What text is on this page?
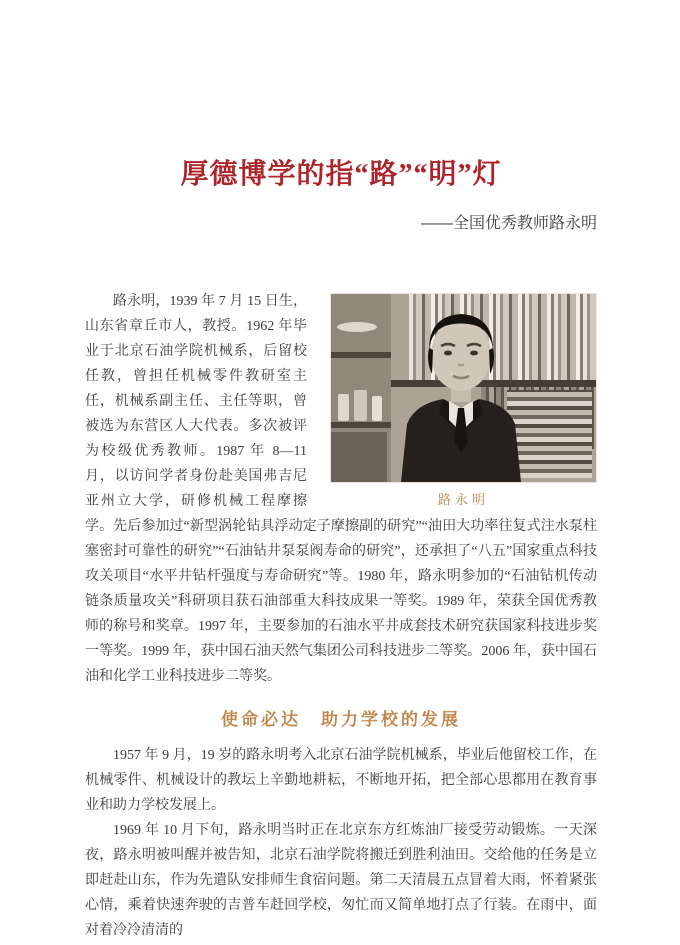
厚德博学的指“路”“明”灯
——全国优秀教师路永明
路永明

路永明，1939 年 7 月 15 日生，山东省章丘市人，教授。1962 年毕业于北京石油学院机械系，后留校任教，曾担任机械零件教研室主任，机械系副主任、主任等职，曾被选为东营区人大代表。多次被评为校级优秀教师。1987 年 8—11 月，以访问学者身份赴美国弗吉尼亚州立大学，研修机械工程摩擦学。先后参加过“新型涡轮钻具浮动定子摩擦副的研究”“油田大功率往复式注水泵柱塞密封可靠性的研究”“石油钻井泵泵阀寿命的研究”，还承担了“八五”国家重点科技攻关项目“水平井钻杆强度与寿命研究”等。1980 年，路永明参加的“石油钻机传动链条质量攻关”科研项目获石油部重大科技成果一等奖。1989 年，荣获全国优秀教师的称号和奖章。1997 年，主要参加的石油水平井成套技术研究获国家科技进步奖一等奖。1999 年，获中国石油天然气集团公司科技进步二等奖。2006 年，获中国石油和化学工业科技进步二等奖。

使命必达　助力学校的发展

1957 年 9 月，19 岁的路永明考入北京石油学院机械系，毕业后他留校工作，在机械零件、机械设计的教坛上辛勤地耕耘，不断地开拓，把全部心思都用在教育事业和助力学校发展上。

1969 年 10 月下旬，路永明当时正在北京东方红炼油厂接受劳动锻炼。一天深夜，路永明被叫醒并被告知，北京石油学院将搬迁到胜利油田。交给他的任务是立即赶赴山东，作为先遣队安排师生食宿问题。第二天清晨五点冒着大雨，怀着紧张心情，乘着快速奔驶的吉普车赶回学校，匆忙而又简单地打点了行装。在雨中，面对着冷冷清清的
